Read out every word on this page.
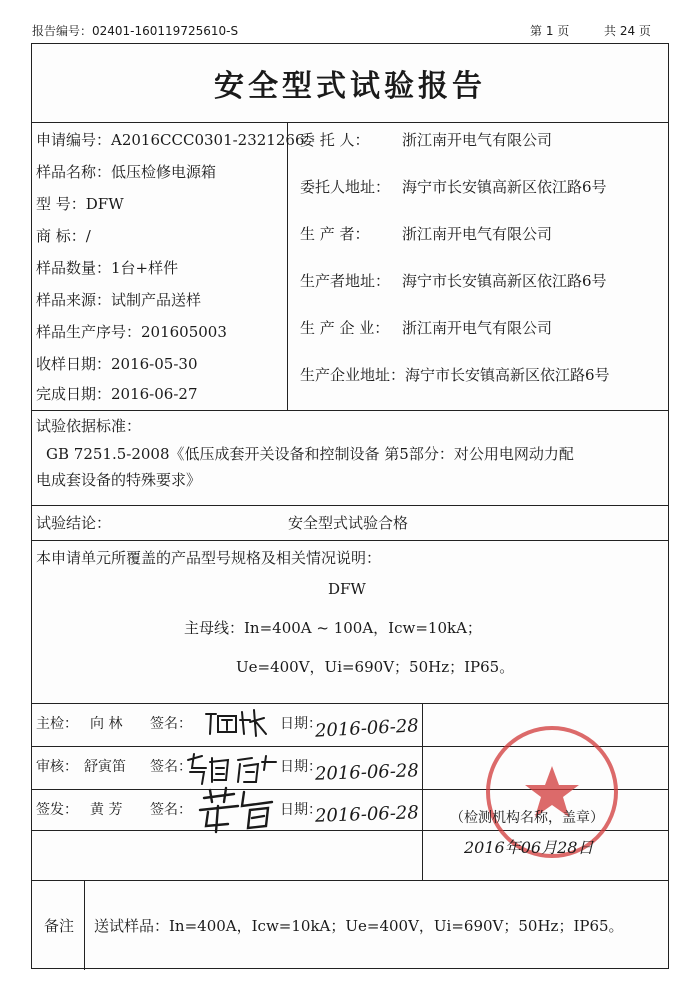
报告编号：02401-160119725610-S	第 1 页	共 24 页
安全型式试验报告
申请编号：A2016CCC0301-2321266
样品名称：低压检修电源箱
型 号：DFW
商 标：/
样品数量：1台+样件
样品来源：试制产品送样
样品生产序号：201605003
收样日期：2016-05-30
完成日期：2016-06-27
委 托 人： 浙江南开电气有限公司
委托人地址： 海宁市长安镇高新区依江路6号
生 产 者： 浙江南开电气有限公司
生产者地址： 海宁市长安镇高新区依江路6号
生 产 企 业： 浙江南开电气有限公司
生产企业地址： 海宁市长安镇高新区依江路6号
试验依据标准：
GB 7251.5-2008《低压成套开关设备和控制设备 第5部分：对公用电网动力配
电成套设备的特殊要求》
试验结论：	安全型式试验合格
本申请单元所覆盖的产品型号规格及相关情况说明：
DFW
主母线：In=400A ~ 100A，Icw=10kA；
Ue=400V，Ui=690V；50Hz；IP65。
主检： 向 林 签名：	日期：
2016-06-28
审核： 舒寅笛 签名：	日期：
2016-06-28
签发： 黄 芳 签名：	日期：
2016-06-28 （检测机构名称，盖章）
2016年06月28日
备注 送试样品：In=400A，Icw=10kA；Ue=400V，Ui=690V；50Hz；IP65。
